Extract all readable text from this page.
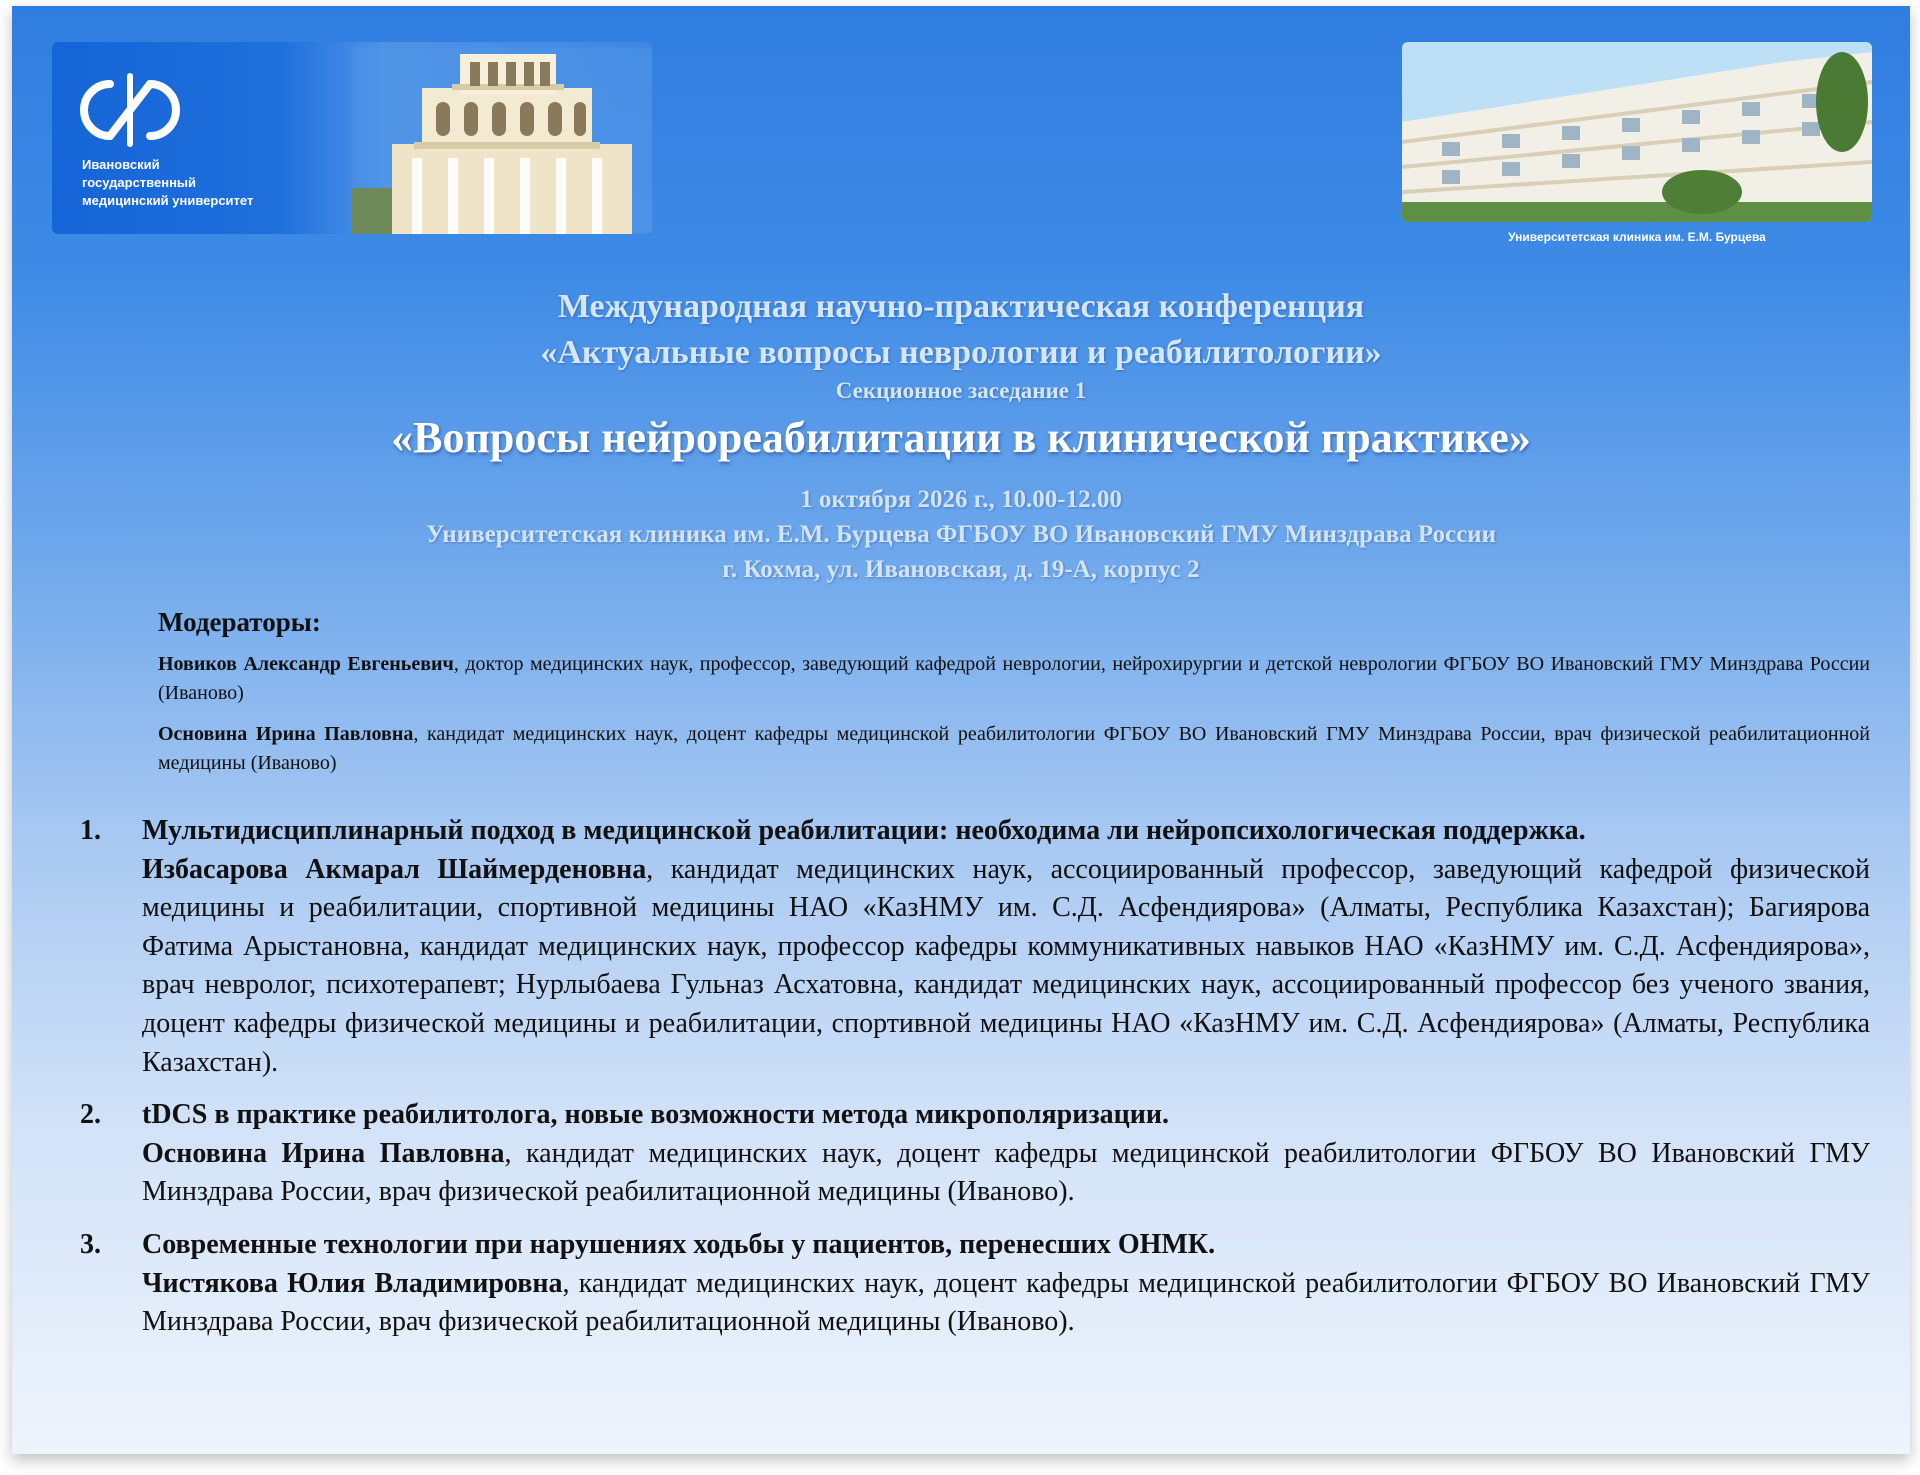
Ивановский
государственный
медицинский университет
Университетская клиника им. Е.М. Бурцева
Международная научно-практическая конференция
«Актуальные вопросы неврологии и реабилитологии»
Секционное заседание 1
«Вопросы нейрореабилитации в клинической практике»
1 октября 2026 г., 10.00-12.00
Университетская клиника им. Е.М. Бурцева ФГБОУ ВО Ивановский ГМУ Минздрава России
г. Кохма, ул. Ивановская, д. 19-А, корпус 2
Модераторы:

Новиков Александр Евгеньевич, доктор медицинских наук, профессор, заведующий кафедрой неврологии, нейрохирургии и детской неврологии ФГБОУ ВО Ивановский ГМУ Минздрава России (Иваново)

Основина Ирина Павловна, кандидат медицинских наук, доцент кафедры медицинской реабилитологии ФГБОУ ВО Ивановский ГМУ Минздрава России, врач физической реабилитационной медицины (Иваново)

1. Мультидисциплинарный подход в медицинской реабилитации: необходима ли нейропсихологическая поддержка.
Избасарова Акмарал Шаймерденовна, кандидат медицинских наук, ассоциированный профессор, заведующий кафедрой физической медицины и реабилитации, спортивной медицины НАО «КазНМУ им. С.Д. Асфендиярова» (Алматы, Республика Казахстан); Багиярова Фатима Арыстановна, кандидат медицинских наук, профессор кафедры коммуникативных навыков НАО «КазНМУ им. С.Д. Асфендиярова», врач невролог, психотерапевт; Нурлыбаева Гульназ Асхатовна, кандидат медицинских наук, ассоциированный профессор без ученого звания, доцент кафедры физической медицины и реабилитации, спортивной медицины НАО «КазНМУ им. С.Д. Асфендиярова» (Алматы, Республика Казахстан).
2. tDCS в практике реабилитолога, новые возможности метода микрополяризации.
Основина Ирина Павловна, кандидат медицинских наук, доцент кафедры медицинской реабилитологии ФГБОУ ВО Ивановский ГМУ Минздрава России, врач физической реабилитационной медицины (Иваново).
3. Современные технологии при нарушениях ходьбы у пациентов, перенесших ОНМК.
Чистякова Юлия Владимировна, кандидат медицинских наук, доцент кафедры медицинской реабилитологии ФГБОУ ВО Ивановский ГМУ Минздрава России, врач физической реабилитационной медицины (Иваново).
